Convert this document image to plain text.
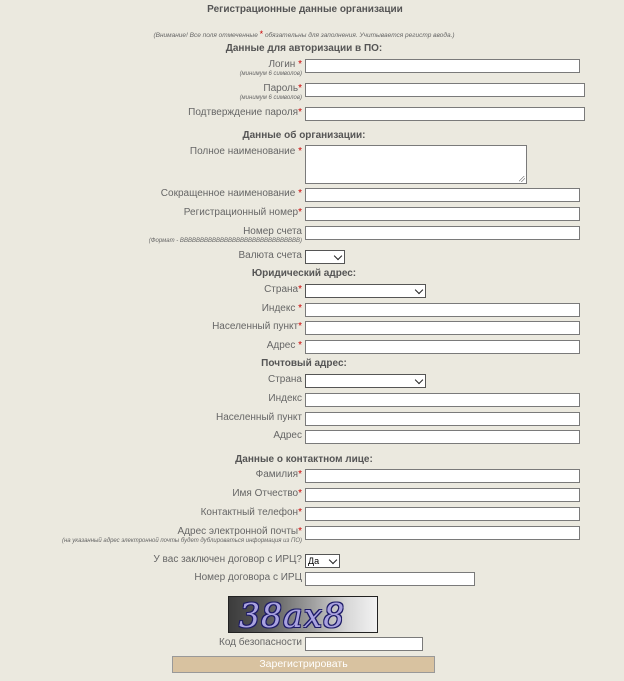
Регистрационные данные организации
(Внимание! Все поля отмеченные * обязательны для заполнения. Учитывается регистр ввода.)
Данные для авторизации в ПО:
Логин *
(минимум 6 символов)
Пароль*
(минимум 6 символов)
Подтверждение пароля*
Данные об организации:
Полное наименование *
Сокращенное наименование *
Регистрационный номер*
Номер счета
(Формат - BBBBBBBBBBBBBBBBBBBBBBBBBBBBBB)
Валюта счета
Юридический адрес:
Страна*
Индекс *
Населенный пункт*
Адрес *
Почтовый адрес:
Страна
Индекс
Населенный пункт
Адрес
Данные о контактном лице:
Фамилия*
Имя Отчество*
Контактный телефон*
Адрес электронной почты*
(на указанный адрес электронной почты будет дублироваться информация из ПО)
У вас заключен договор с ИРЦ? Да
Номер договора с ИРЦ
38ax8
Код безопасности
Зарегистрировать
